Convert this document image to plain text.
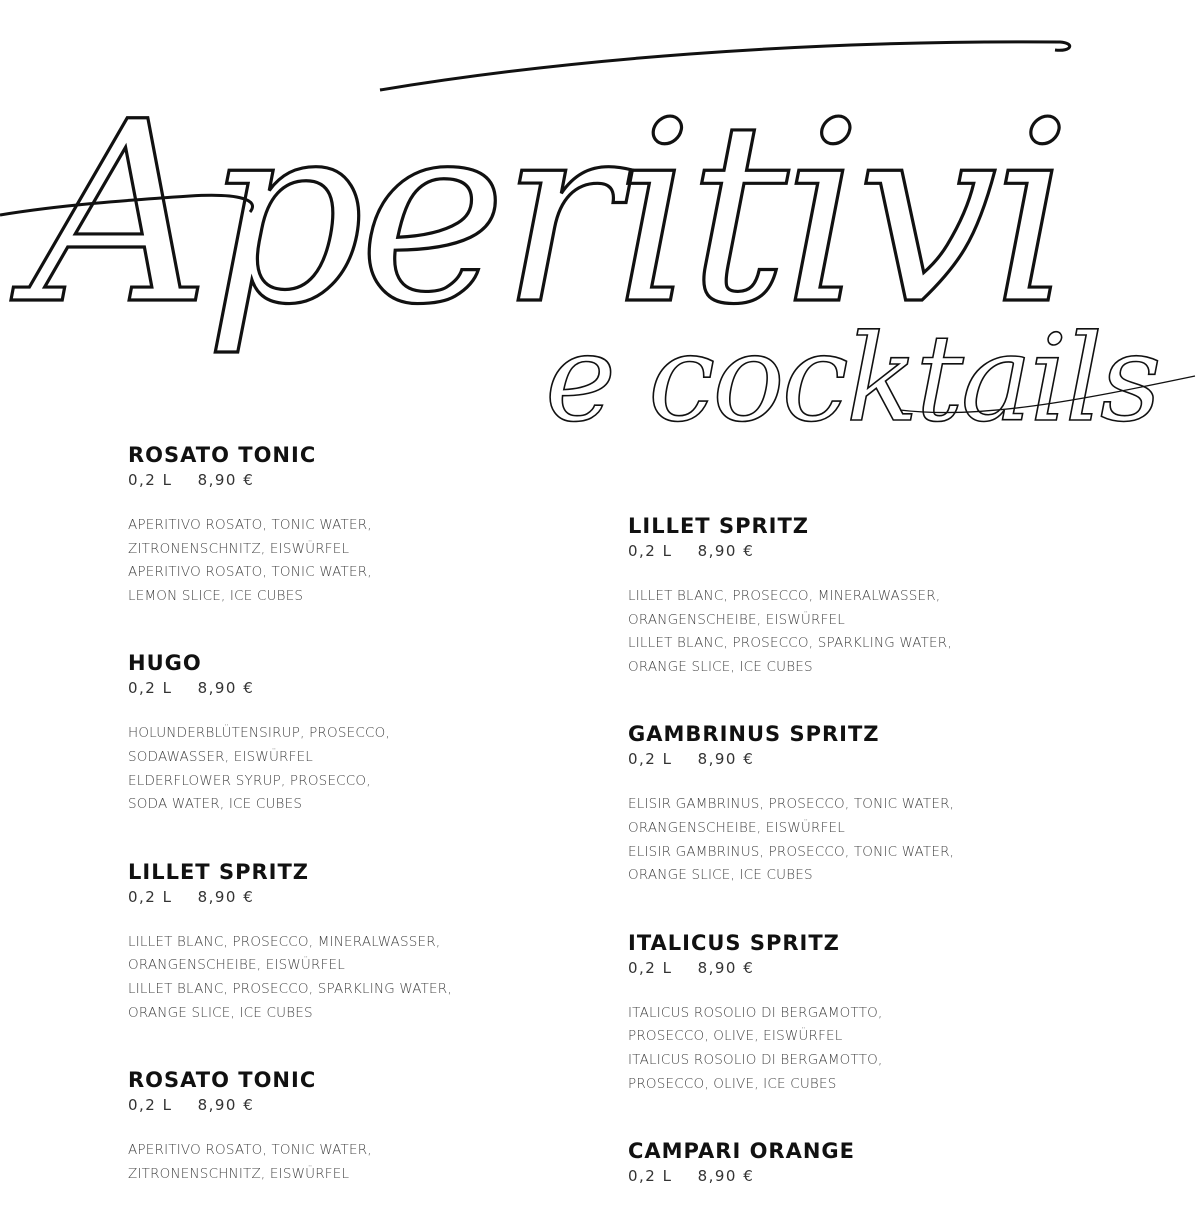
Aperitivi
e cocktails
ROSATO TONIC
0,2 L 8,90 €
APERITIVO ROSATO, TONIC WATER,
ZITRONENSCHNITZ, EISWÜRFEL
APERITIVO ROSATO, TONIC WATER,
LEMON SLICE, ICE CUBES
HUGO
0,2 L 8,90 €
HOLUNDERBLÜTENSIRUP, PROSECCO,
SODAWASSER, EISWÜRFEL
ELDERFLOWER SYRUP, PROSECCO,
SODA WATER, ICE CUBES
LILLET SPRITZ
0,2 L 8,90 €
LILLET BLANC, PROSECCO, MINERALWASSER,
ORANGENSCHEIBE, EISWÜRFEL
LILLET BLANC, PROSECCO, SPARKLING WATER,
ORANGE SLICE, ICE CUBES
ROSATO TONIC
0,2 L 8,90 €
APERITIVO ROSATO, TONIC WATER,
ZITRONENSCHNITZ, EISWÜRFEL
LILLET SPRITZ
0,2 L 8,90 €
LILLET BLANC, PROSECCO, MINERALWASSER,
ORANGENSCHEIBE, EISWÜRFEL
LILLET BLANC, PROSECCO, SPARKLING WATER,
ORANGE SLICE, ICE CUBES
GAMBRINUS SPRITZ
0,2 L 8,90 €
ELISIR GAMBRINUS, PROSECCO, TONIC WATER,
ORANGENSCHEIBE, EISWÜRFEL
ELISIR GAMBRINUS, PROSECCO, TONIC WATER,
ORANGE SLICE, ICE CUBES
ITALICUS SPRITZ
0,2 L 8,90 €
ITALICUS ROSOLIO DI BERGAMOTTO,
PROSECCO, OLIVE, EISWÜRFEL
ITALICUS ROSOLIO DI BERGAMOTTO,
PROSECCO, OLIVE, ICE CUBES
CAMPARI ORANGE
0,2 L 8,90 €
